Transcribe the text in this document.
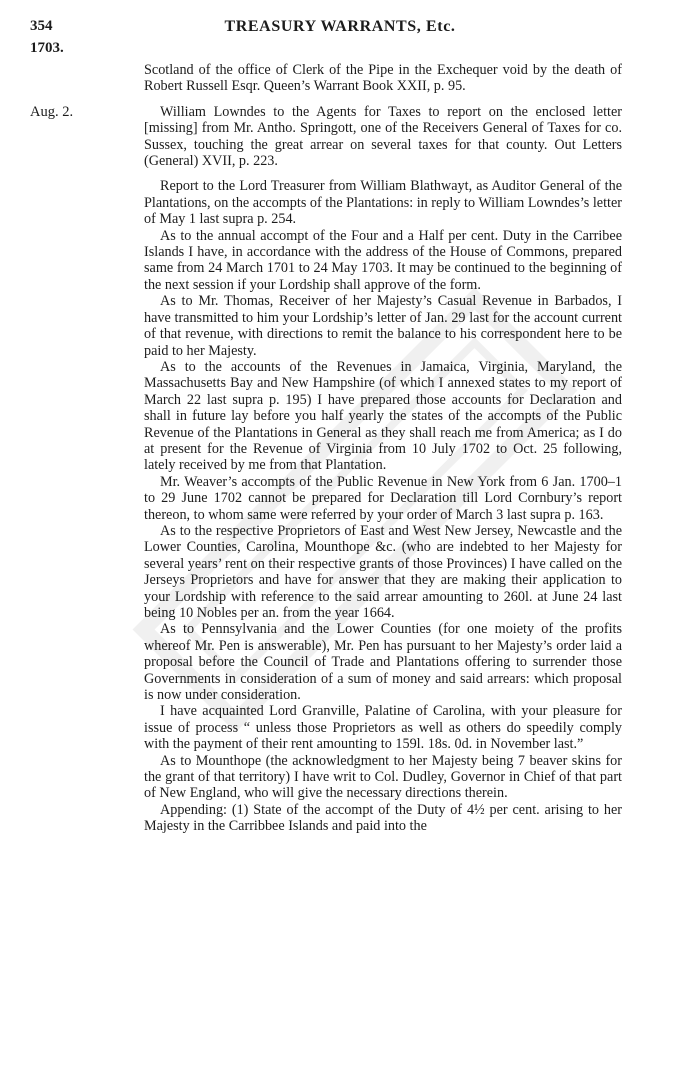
354	TREASURY WARRANTS, Etc.
1703.

Scotland of the office of Clerk of the Pipe in the Exchequer void by the death of Robert Russell Esqr. Queen’s Warrant Book XXII, p. 95.

Aug. 2.	William Lowndes to the Agents for Taxes to report on the enclosed letter [missing] from Mr. Antho. Springott, one of the Receivers General of Taxes for co. Sussex, touching the great arrear on several taxes for that county. Out Letters (General) XVII, p. 223.

Report to the Lord Treasurer from William Blathwayt, as Auditor General of the Plantations, on the accompts of the Plantations: in reply to William Lowndes’s letter of May 1 last supra p. 254.

As to the annual accompt of the Four and a Half per cent. Duty in the Carribee Islands I have, in accordance with the address of the House of Commons, prepared same from 24 March 1701 to 24 May 1703. It may be continued to the beginning of the next session if your Lordship shall approve of the form.

As to Mr. Thomas, Receiver of her Majesty’s Casual Revenue in Barbados, I have transmitted to him your Lordship’s letter of Jan. 29 last for the account current of that revenue, with directions to remit the balance to his correspondent here to be paid to her Majesty.

As to the accounts of the Revenues in Jamaica, Virginia, Maryland, the Massachusetts Bay and New Hampshire (of which I annexed states to my report of March 22 last supra p. 195) I have prepared those accounts for Declaration and shall in future lay before you half yearly the states of the accompts of the Public Revenue of the Plantations in General as they shall reach me from America; as I do at present for the Revenue of Virginia from 10 July 1702 to Oct. 25 following, lately received by me from that Plantation.

Mr. Weaver’s accompts of the Public Revenue in New York from 6 Jan. 1700–1 to 29 June 1702 cannot be prepared for Declaration till Lord Cornbury’s report thereon, to whom same were referred by your order of March 3 last supra p. 163.

As to the respective Proprietors of East and West New Jersey, Newcastle and the Lower Counties, Carolina, Mounthope &c. (who are indebted to her Majesty for several years’ rent on their respective grants of those Provinces) I have called on the Jerseys Proprietors and have for answer that they are making their application to your Lordship with reference to the said arrear amounting to 260l. at June 24 last being 10 Nobles per an. from the year 1664.

As to Pennsylvania and the Lower Counties (for one moiety of the profits whereof Mr. Pen is answerable), Mr. Pen has pursuant to her Majesty’s order laid a proposal before the Council of Trade and Plantations offering to surrender those Governments in consideration of a sum of money and said arrears: which proposal is now under consideration.

I have acquainted Lord Granville, Palatine of Carolina, with your pleasure for issue of process “ unless those Proprietors as well as others do speedily comply with the payment of their rent amounting to 159l. 18s. 0d. in November last.”

As to Mounthope (the acknowledgment to her Majesty being 7 beaver skins for the grant of that territory) I have writ to Col. Dudley, Governor in Chief of that part of New England, who will give the necessary directions therein.

Appending: (1) State of the accompt of the Duty of 4½ per cent. arising to her Majesty in the Carribbee Islands and paid into the
